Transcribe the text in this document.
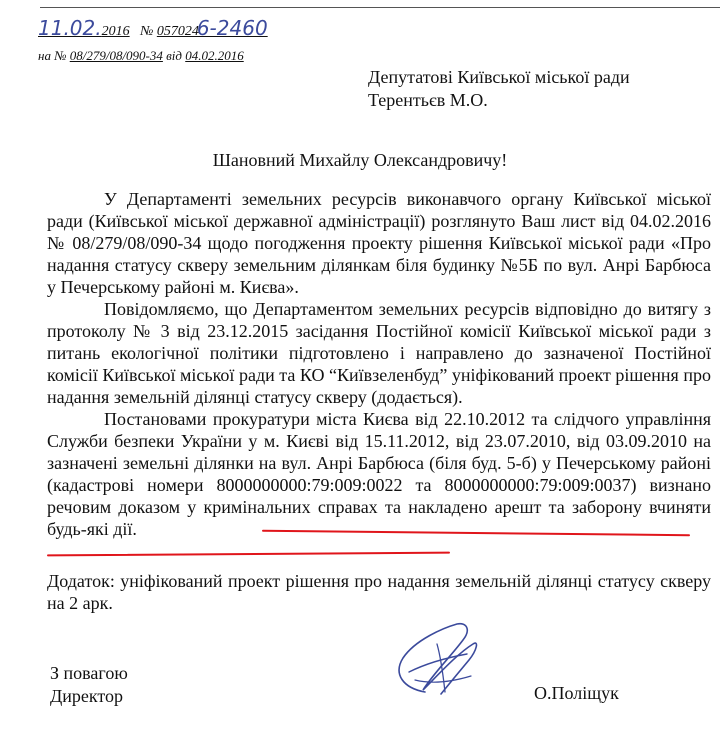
11.02.2016 № 0570246-2460
на № 08/279/08/090-34 від 04.02.2016
Депутатові Київської міської ради
Терентьєв М.О.
Шановний Михайлу Олександровичу!

У Департаменті земельних ресурсів виконавчого органу Київської міської ради (Київської міської державної адміністрації) розглянуто Ваш лист від 04.02.2016 № 08/279/08/090-34 щодо погодження проекту рішення Київської міської ради «Про надання статусу скверу земельним ділянкам біля будинку №5Б по вул. Анрі Барбюса у Печерському районі м. Києва».

Повідомляємо, що Департаментом земельних ресурсів відповідно до витягу з протоколу № 3 від 23.12.2015 засідання Постійної комісії Київської міської ради з питань екологічної політики підготовлено і направлено до зазначеної Постійної комісії Київської міської ради та КО “Київзеленбуд” уніфікований проект рішення про надання земельній ділянці статусу скверу (додається).

Постановами прокуратури міста Києва від 22.10.2012 та слідчого управління Служби безпеки України у м. Києві від 15.11.2012, від 23.07.2010, від 03.09.2010 на зазначені земельні ділянки на вул. Анрі Барбюса (біля буд. 5-б) у Печерському районі (кадастрові номери 8000000000:79:009:0022 та 8000000000:79:009:0037) визнано речовим доказом у кримінальних справах та накладено арешт та заборону вчиняти будь-які дії.

Додаток: уніфікований проект рішення про надання земельній ділянці статусу скверу на 2 арк.

З повагою
Директор	О.Поліщук
